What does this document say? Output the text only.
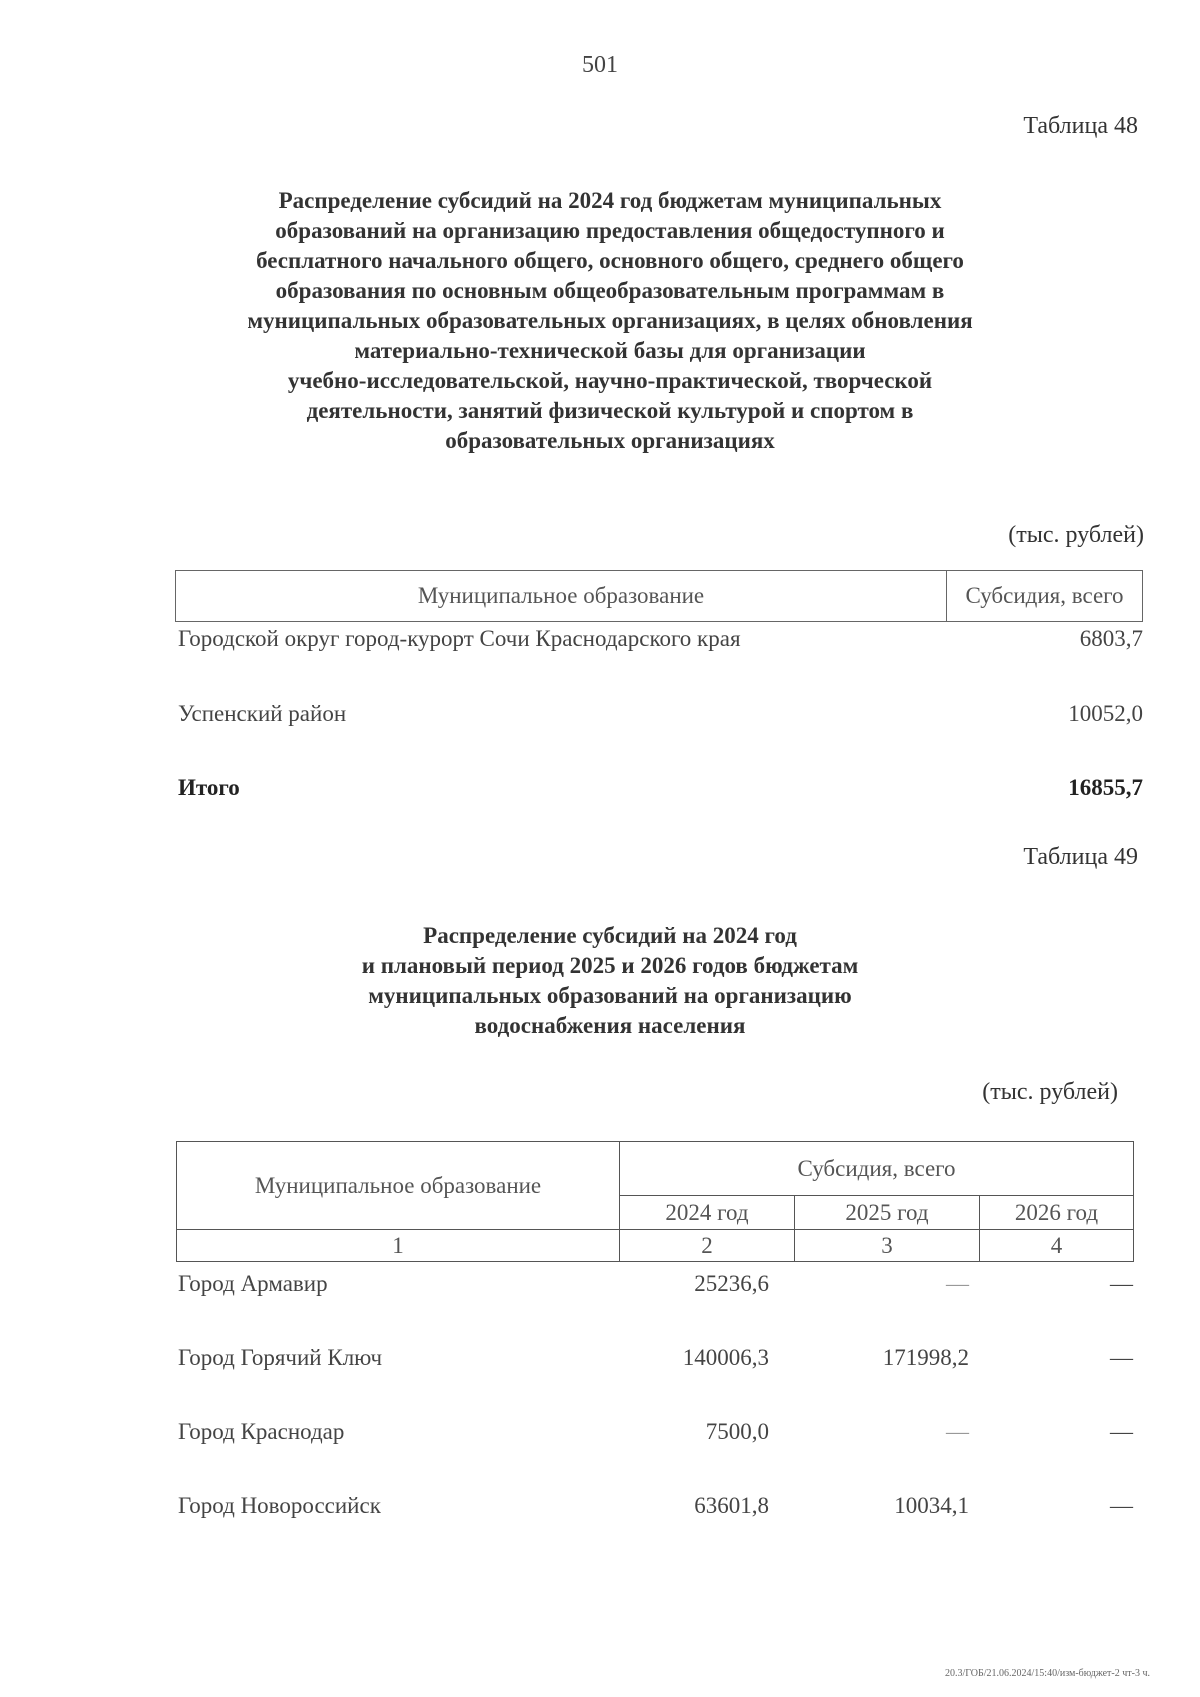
501
Таблица 48
Распределение субсидий на 2024 год бюджетам муниципальных
образований на организацию предоставления общедоступного и
бесплатного начального общего, основного общего, среднего общего
образования по основным общеобразовательным программам в
муниципальных образовательных организациях, в целях обновления
материально-технической базы для организации
учебно-исследовательской, научно-практической, творческой
деятельности, занятий физической культурой и спортом в
образовательных организациях
(тыс. рублей)
Муниципальное образование	Субсидия, всего
Городской округ город-курорт Сочи Краснодарского края	6803,7
Успенский район	10052,0
Итого	16855,7
Таблица 49
Распределение субсидий на 2024 год
и плановый период 2025 и 2026 годов бюджетам
муниципальных образований на организацию
водоснабжения населения
(тыс. рублей)
Муниципальное образование	Субсидия, всего		
	2024 год	2025 год	2026 год
1	2	3	4
Город Армавир	25236,6	—	—
Город Горячий Ключ	140006,3	171998,2	—
Город Краснодар	7500,0	—	—
Город Новороссийск	63601,8	10034,1	—
20.3/ГОБ/21.06.2024/15:40/изм-бюджет-2 чт-3 ч.
